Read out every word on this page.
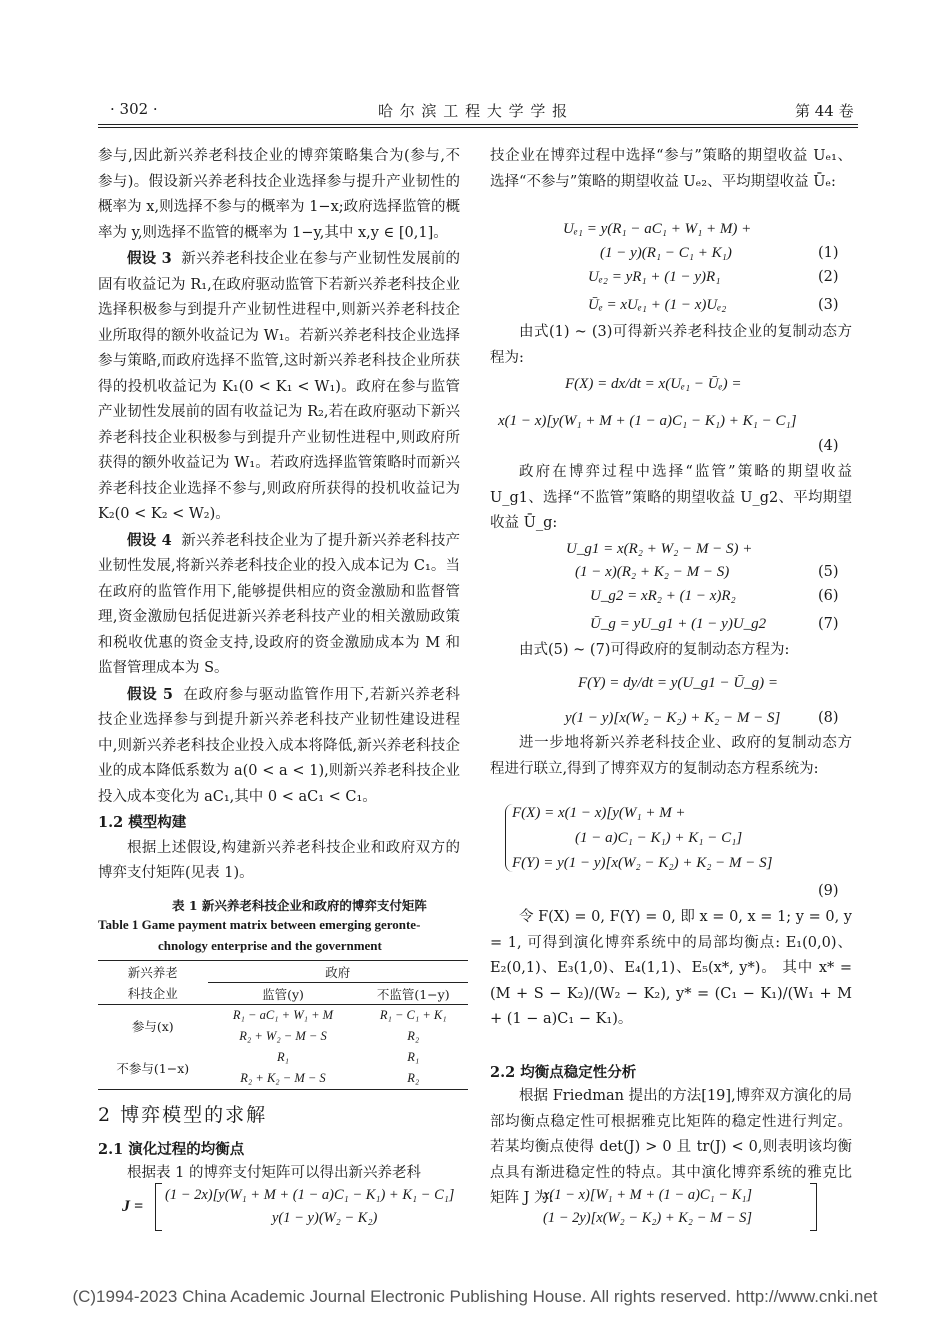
· 302 ·	哈 尔 滨 工 程 大 学 学 报	第 44 卷

参与,因此新兴养老科技企业的博弈策略集合为(参与,不参与)。假设新兴养老科技企业选择参与提升产业韧性的概率为 x,则选择不参与的概率为 1−x;政府选择监管的概率为 y,则选择不监管的概率为 1−y,其中 x,y ∈ [0,1]。

假设 3 新兴养老科技企业在参与产业韧性发展前的固有收益记为 R₁,在政府驱动监管下若新兴养老科技企业选择积极参与到提升产业韧性进程中,则新兴养老科技企业所取得的额外收益记为 W₁。若新兴养老科技企业选择参与策略,而政府选择不监管,这时新兴养老科技企业所获得的投机收益记为 K₁(0 < K₁ < W₁)。政府在参与监管产业韧性发展前的固有收益记为 R₂,若在政府驱动下新兴养老科技企业积极参与到提升产业韧性进程中,则政府所获得的额外收益记为 W₁。若政府选择监管策略时而新兴养老科技企业选择不参与,则政府所获得的投机收益记为 K₂(0 < K₂ < W₂)。

假设 4 新兴养老科技企业为了提升新兴养老科技产业韧性发展,将新兴养老科技企业的投入成本记为 C₁。当在政府的监管作用下,能够提供相应的资金激励和监督管理,资金激励包括促进新兴养老科技产业的相关激励政策和税收优惠的资金支持,设政府的资金激励成本为 M 和监督管理成本为 S。

假设 5 在政府参与驱动监管作用下,若新兴养老科技企业选择参与到提升新兴养老科技产业韧性建设进程中,则新兴养老科技企业投入成本将降低,新兴养老科技企业的成本降低系数为 a(0 < a < 1),则新兴养老科技企业投入成本变化为 aC₁,其中 0 < aC₁ < C₁。

1.2 模型构建

根据上述假设,构建新兴养老科技企业和政府双方的博弈支付矩阵(见表 1)。

表 1 新兴养老科技企业和政府的博弈支付矩阵
Table 1 Game payment matrix between emerging geronte-
chnology enterprise and the government
新兴养老	政府	
科技企业	监管(y)	不监管(1−y)
参与(x)	R₁ − aC₁ + W₁ + M	R₁ − C₁ + K₁
	R₂ + W₂ − M − S	R₂
不参与(1−x)	R₁	R₁
	R₂ + K₂ − M − S	R₂
2 博弈模型的求解
2.1 演化过程的均衡点
根据表 1 的博弈支付矩阵可以得出新兴养老科

技企业在博弈过程中选择“参与”策略的期望收益 Uₑ₁、选择“不参与”策略的期望收益 Uₑ₂、平均期望收益 Ūₑ:

Uₑ₁ = y(R₁ − aC₁ + W₁ + M) +
(1 − y)(R₁ − C₁ + K₁)	(1)
Uₑ₂ = yR₁ + (1 − y)R₁	(2)
Ūₑ = xUₑ₁ + (1 − x)Uₑ₂	(3)

由式(1) ~ (3)可得新兴养老科技企业的复制动态方程为:

F(X) = dx/dt = x(Uₑ₁ − Ūₑ) =
x(1 − x)[y(W₁ + M + (1 − a)C₁ − K₁) + K₁ − C₁]
(4)

政府在博弈过程中选择“监管”策略的期望收益 U_g1、选择“不监管”策略的期望收益 U_g2、平均期望收益 Ū_g:

U_g1 = x(R₂ + W₂ − M − S) +
(1 − x)(R₂ + K₂ − M − S)	(5)
U_g2 = xR₂ + (1 − x)R₂	(6)
Ū_g = yU_g1 + (1 − y)U_g2	(7)

由式(5) ~ (7)可得政府的复制动态方程为:

F(Y) = dy/dt = y(U_g1 − Ū_g) =
y(1 − y)[x(W₂ − K₂) + K₂ − M − S]	(8)

进一步地将新兴养老科技企业、政府的复制动态方程进行联立,得到了博弈双方的复制动态方程系统为:

F(X) = x(1 − x)[y(W₁ + M +
(1 − a)C₁ − K₁) + K₁ − C₁]
F(Y) = y(1 − y)[x(W₂ − K₂) + K₂ − M − S]
(9)

令 F(X) = 0, F(Y) = 0, 即 x = 0, x = 1; y = 0, y = 1, 可得到演化博弈系统中的局部均衡点: E₁(0,0)、E₂(0,1)、E₃(1,0)、E₄(1,1)、E₅(x*, y*)。 其中 x* = (M + S − K₂)/(W₂ − K₂), y* = (C₁ − K₁)/(W₁ + M + (1 − a)C₁ − K₁)。

2.2 均衡点稳定性分析

根据 Friedman 提出的方法[19],博弈双方演化的局部均衡点稳定性可根据雅克比矩阵的稳定性进行判定。若某均衡点使得 det(J) > 0 且 tr(J) < 0,则表明该均衡点具有渐进稳定性的特点。其中演化博弈系统的雅克比矩阵 J 为:

J =
(1 − 2x)[y(W₁ + M + (1 − a)C₁ − K₁) + K₁ − C₁]	x(1 − x)[W₁ + M + (1 − a)C₁ − K₁]
y(1 − y)(W₂ − K₂)	(1 − 2y)[x(W₂ − K₂) + K₂ − M − S]
(C)1994-2023 China Academic Journal Electronic Publishing House. All rights reserved. http://www.cnki.net
